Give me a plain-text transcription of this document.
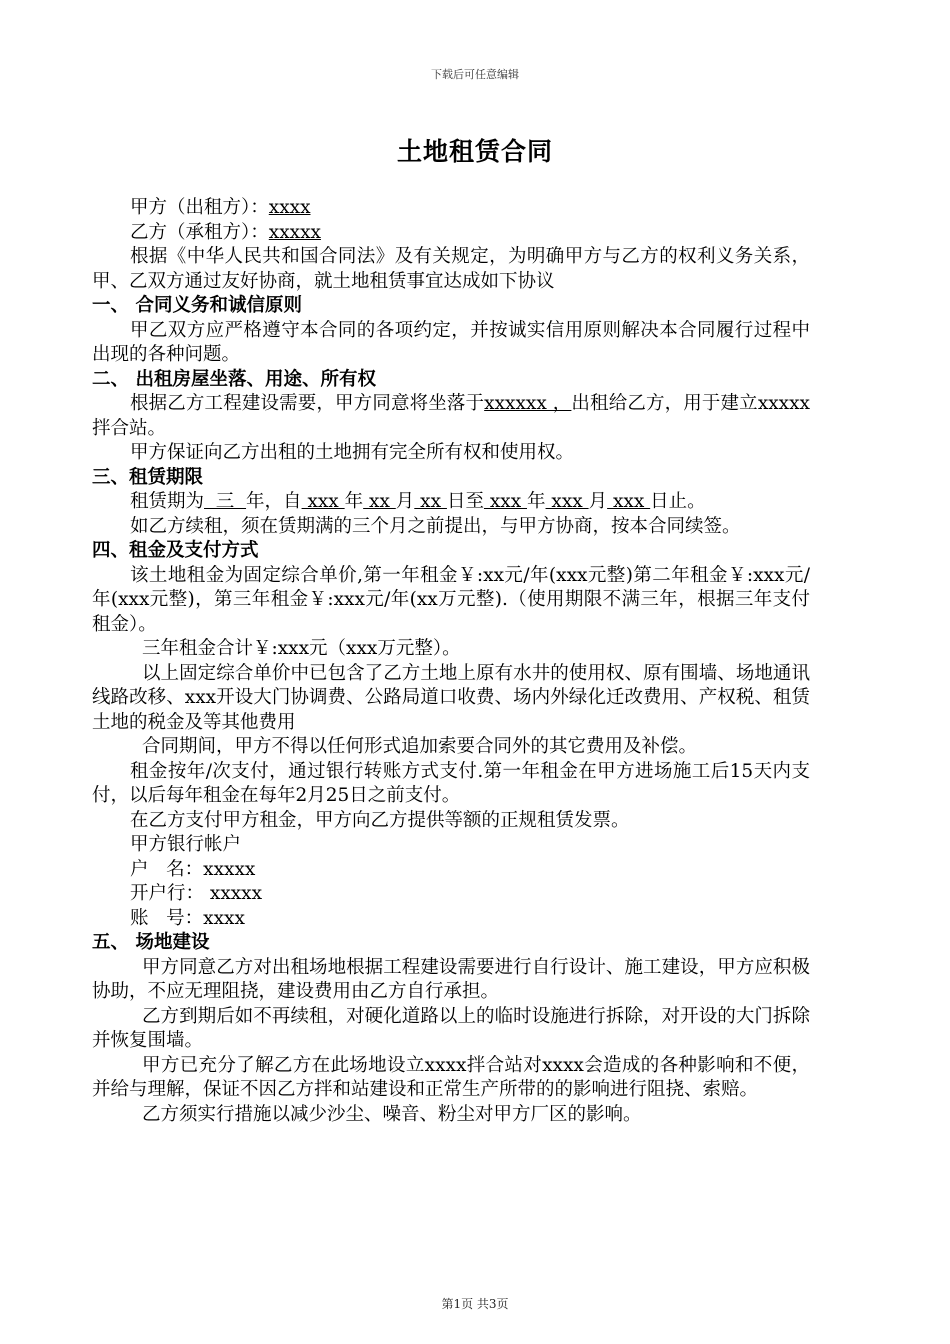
下载后可任意编辑
土地租赁合同

甲方（出租方）：xxxx

乙方（承租方）：xxxxx

根据《中华人民共和国合同法》及有关规定，为明确甲方与乙方的权利义务关系，甲、乙双方通过友好协商，就土地租赁事宜达成如下协议

一、 合同义务和诚信原则

甲乙双方应严格遵守本合同的各项约定，并按诚实信用原则解决本合同履行过程中出现的各种问题。

二、 出租房屋坐落、用途、所有权

根据乙方工程建设需要，甲方同意将坐落于xxxxxx ，出租给乙方，用于建立xxxxx拌合站。

甲方保证向乙方出租的土地拥有完全所有权和使用权。

三、租赁期限

租赁期为  三  年，自 xxx 年 xx 月 xx 日至 xxx 年 xxx 月 xxx 日止。

如乙方续租，须在赁期满的三个月之前提出，与甲方协商，按本合同续签。

四、租金及支付方式

该土地租金为固定综合单价,第一年租金￥:xx元/年(xxx元整)第二年租金￥:xxx元/年(xxx元整)，第三年租金￥:xxx元/年(xx万元整).（使用期限不满三年，根据三年支付租金）。

三年租金合计￥:xxx元（xxx万元整）。

以上固定综合单价中已包含了乙方土地上原有水井的使用权、原有围墙、场地通讯线路改移、xxx开设大门协调费、公路局道口收费、场内外绿化迁改费用、产权税、租赁土地的税金及等其他费用

合同期间，甲方不得以任何形式追加索要合同外的其它费用及补偿。

租金按年/次支付，通过银行转账方式支付.第一年租金在甲方进场施工后15天内支付，以后每年租金在每年2月25日之前支付。

在乙方支付甲方租金，甲方向乙方提供等额的正规租赁发票。

甲方银行帐户

户   名：xxxxx

开户行： xxxxx

账   号：xxxx

五、 场地建设

甲方同意乙方对出租场地根据工程建设需要进行自行设计、施工建设，甲方应积极协助，不应无理阻挠，建设费用由乙方自行承担。

乙方到期后如不再续租，对硬化道路以上的临时设施进行拆除，对开设的大门拆除并恢复围墙。

甲方已充分了解乙方在此场地设立xxxx拌合站对xxxx会造成的各种影响和不便，并给与理解，保证不因乙方拌和站建设和正常生产所带的的影响进行阻挠、索赔。

乙方须实行措施以减少沙尘、噪音、粉尘对甲方厂区的影响。

第1页 共3页
